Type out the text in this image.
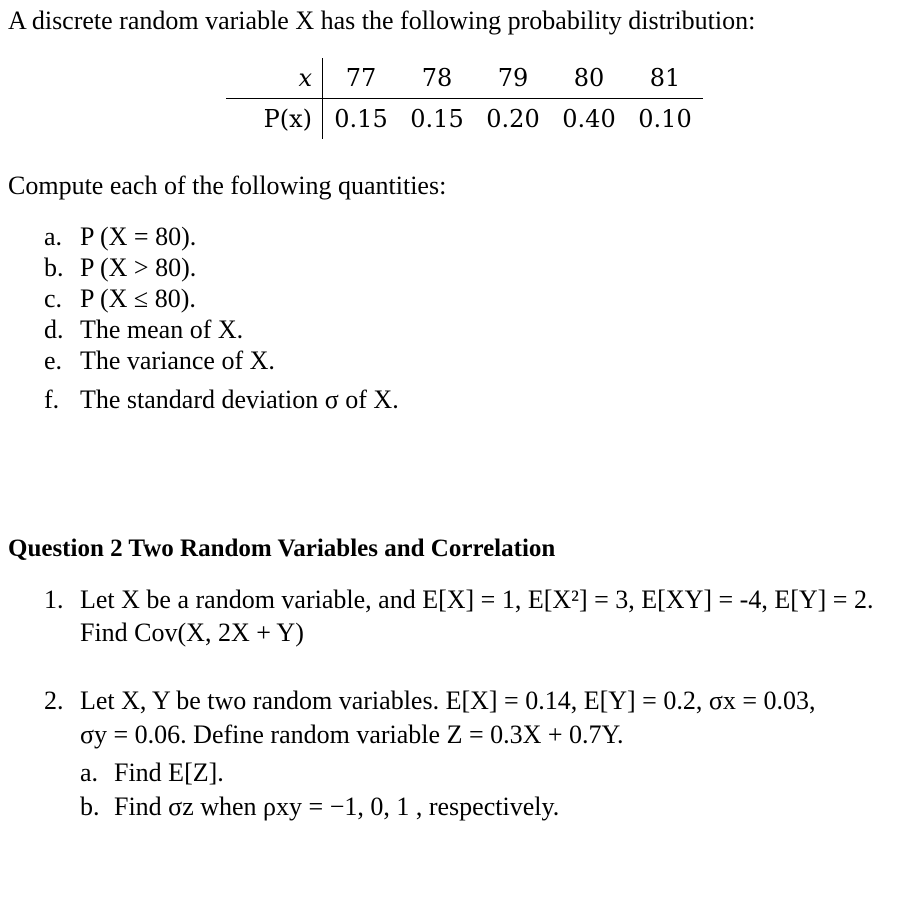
A discrete random variable X has the following probability distribution:
x	77	78	79	80	81
P(x)	0.15	0.15	0.20	0.40	0.10
Compute each of the following quantities:
a. P (X = 80).
b. P (X > 80).
c. P (X ≤ 80).
d. The mean of X.
e. The variance of X.
f. The standard deviation σ of X.
Question 2 Two Random Variables and Correlation
1. Let X be a random variable, and E[X] = 1, E[X²] = 3, E[XY] = -4, E[Y] = 2.
Find Cov(X, 2X + Y)
2. Let X, Y be two random variables. E[X] = 0.14, E[Y] = 0.2, σx = 0.03,
σy = 0.06. Define random variable Z = 0.3X + 0.7Y.
a. Find E[Z].
b. Find σz when ρxy = −1, 0, 1 , respectively.
